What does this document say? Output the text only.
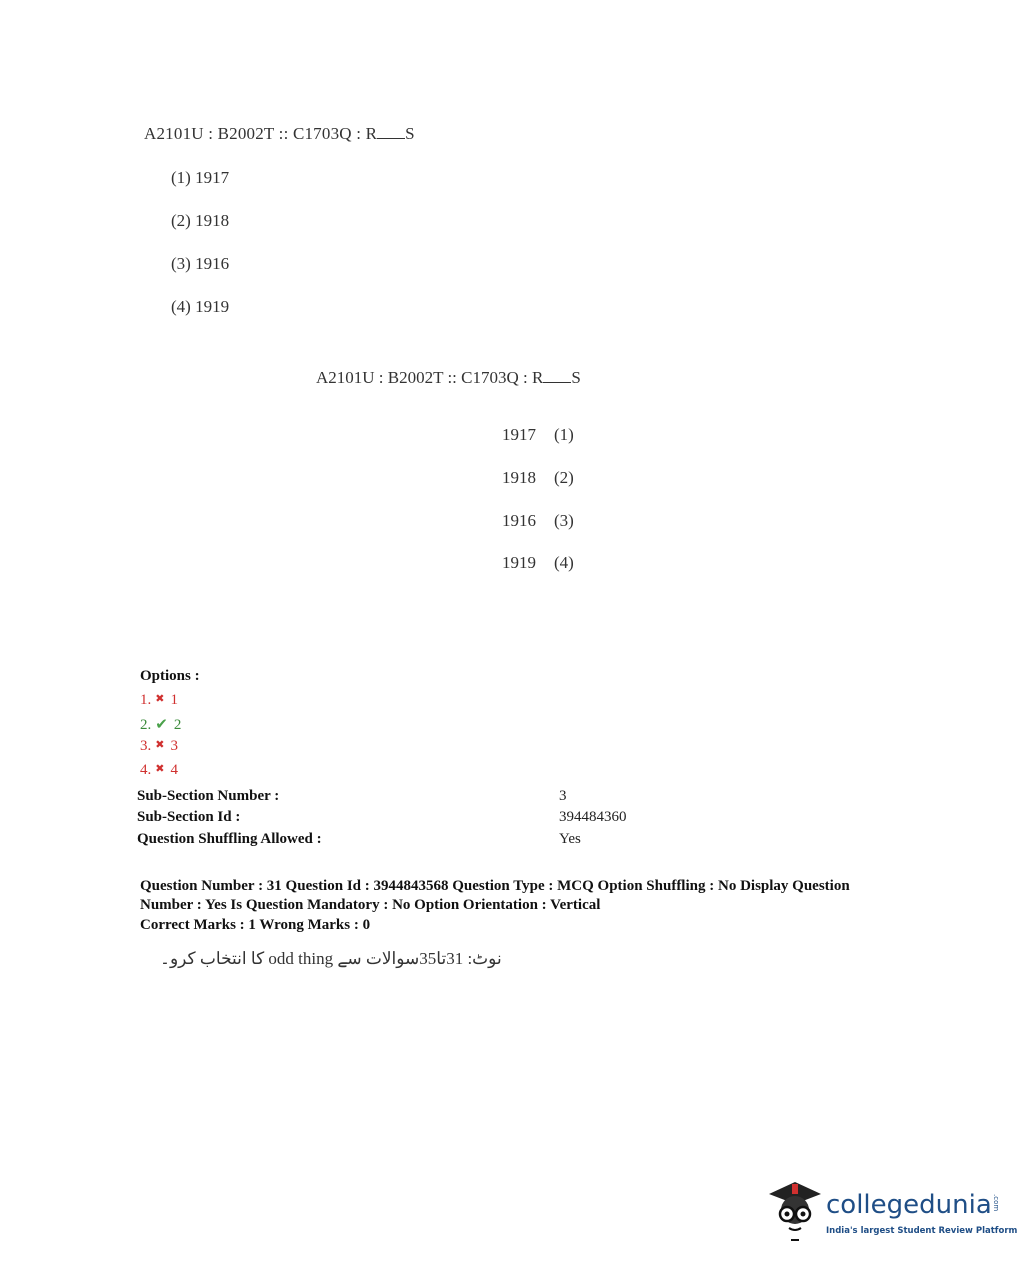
A2101U : B2002T :: C1703Q : R S
(1) 1917
(2) 1918
(3) 1916
(4) 1919
A2101U : B2002T :: C1703Q : R S
1917 (1)
1918 (2)
1916 (3)
1919 (4)
Options :
1. ✖ 1
2. ✔ 2
3. ✖ 3
4. ✖ 4
Sub-Section Number :	3
Sub-Section Id :	394484360
Question Shuffling Allowed :	Yes
Question Number : 31 Question Id : 3944843568 Question Type : MCQ Option Shuffling : No Display Question Number : Yes Is Question Mandatory : No Option Orientation : Vertical
Correct Marks : 1 Wrong Marks : 0
نوٹ: 31تا35سوالات سے odd thing کا انتخاب کرو۔
collegedunia.com
India's largest Student Review Platform
